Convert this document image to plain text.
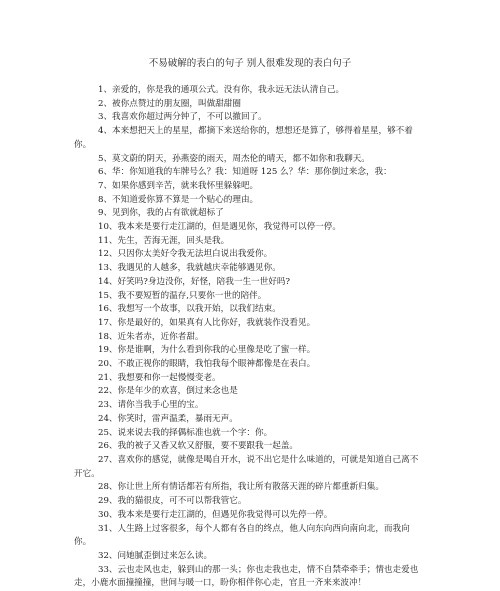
不易破解的表白的句子 别人很难发现的表白句子

1、亲爱的，你是我的通项公式。没有你，我永远无法认清自己。

2、被你点赞过的朋友圈，叫做甜甜圈

3、我喜欢你超过两分钟了，不可以撤回了。

4、本来想把天上的星星，都摘下来送给你的，想想还是算了，够得着星星，够不着你。

5、莫文蔚的阴天，孙燕姿的雨天，周杰伦的晴天，都不如你和我聊天。

6、华：你知道我的车牌号么？我：知道呀 125 么？华：那你倒过来念，我：

7、如果你感到辛苦，就来我怀里躲躲吧。

8、不知道爱你算不算是一个贴心的理由。

9、见到你，我的占有欲就超标了

10、我本来是要行走江湖的，但是遇见你，我觉得可以停一停。

11、先生，苦海无涯，回头是我。

12、只因你太美好令我无法坦白说出我爱你。

13、我遇见的人越多，我就越庆幸能够遇见你。

14、好笑吗?身边没你，好怪，陪我一生一世好吗?

15、我不要短暂的温存,只要你一世的陪伴。

16、我想写一个故事，以我开始，以我们结束。

17、你是最好的，如果真有人比你好，我就装作没看见。

18、近朱者赤，近你者甜。

19、你是谁啊，为什么看到你我的心里像是吃了蜜一样。

20、不敢正视你的眼睛，我怕我每个眼神都像是在表白。

21、我想要和你一起慢慢变老。

22、你是年少的欢喜，倒过来念也是

23、请你当我手心里的宝。

24、你笑时，雷声温柔，暴雨无声。

25、说来说去我的择偶标准也就一个字：你。

26、我的被子又香又软又舒服，要不要跟我一起盖。

27、喜欢你的感觉，就像是喝自开水，说不出它是什么味道的，可就是知道自己离不开它。

28、你让世上所有情话都若有所指，我让所有散落天涯的碎片都重新归集。

29、我的猫很皮，可不可以帮我管它。

30、我本来是要行走江湖的，但遇见你我觉得可以先停一停。

31、人生路上过客很多，每个人都有各自的终点，他人向东向西向南向北，而我向你。

32、问她腻歪倒过来怎么读。

33、云也走风也走，躲到山的那一头；你也走我也走，情不自禁牵牵手；情也走爱也走，小鹿水面撞撞撞，世间与暖一口，盼你相伴你心走，官且一齐来来波冲！
